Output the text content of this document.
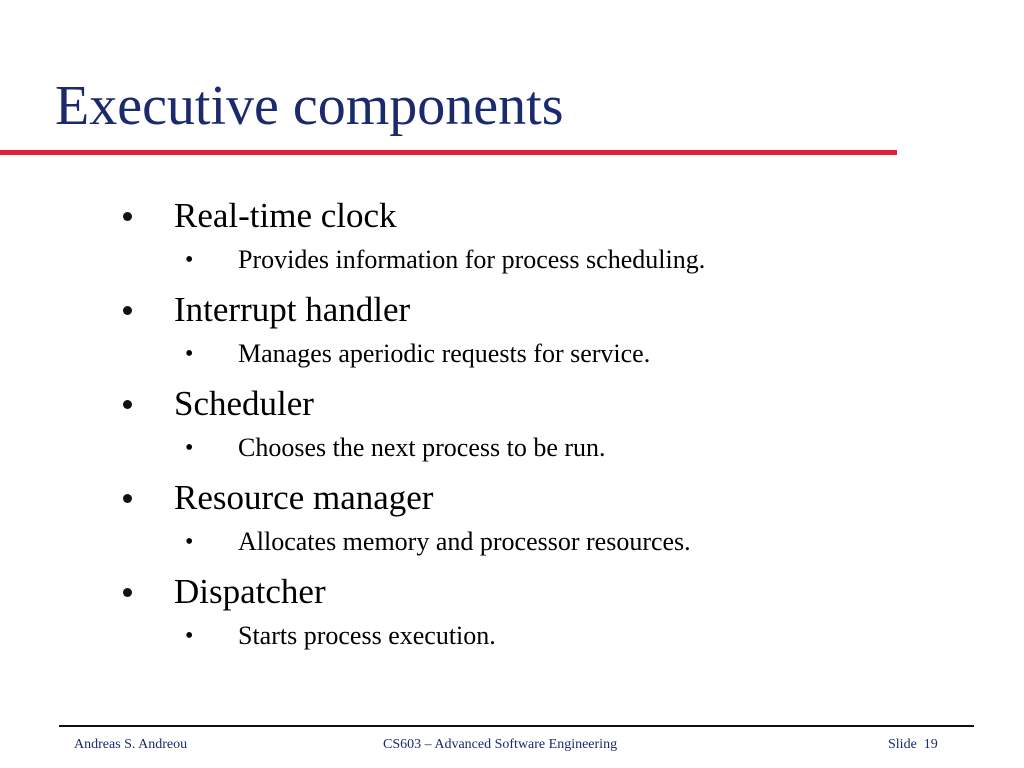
Executive components
Real-time clock
• Provides information for process scheduling.
Interrupt handler
• Manages aperiodic requests for service.
Scheduler
• Chooses the next process to be run.
Resource manager
• Allocates memory and processor resources.
Dispatcher
• Starts process execution.
Andreas S. Andreou	CS603 – Advanced Software Engineering	Slide  19
